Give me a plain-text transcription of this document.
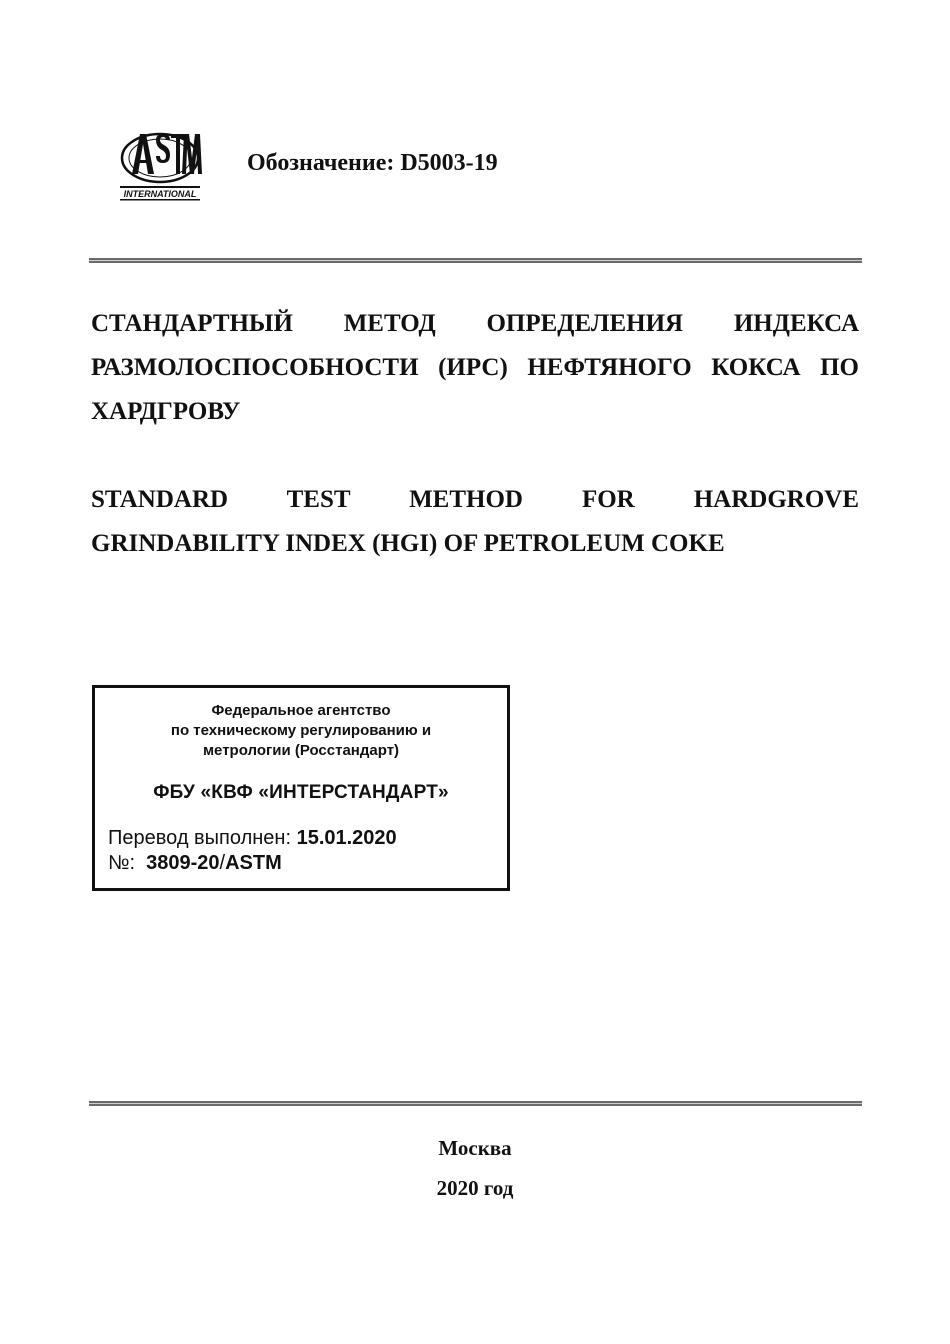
INTERNATIONAL
Обозначение: D5003-19
СТАНДАРТНЫЙ МЕТОД ОПРЕДЕЛЕНИЯ ИНДЕКСА
РАЗМОЛОСПОСОБНОСТИ (ИРС) НЕФТЯНОГО КОКСА ПО
ХАРДГРОВУ
STANDARD TEST METHOD FOR HARDGROVE
GRINDABILITY INDEX (HGI) OF PETROLEUM COKE
Федеральное агентство
по техническому регулированию и
метрологии (Росстандарт)
ФБУ «КВФ «ИНТЕРСТАНДАРТ»
Перевод выполнен: 15.01.2020
№:  3809-20/ASTM
Москва
2020 год
